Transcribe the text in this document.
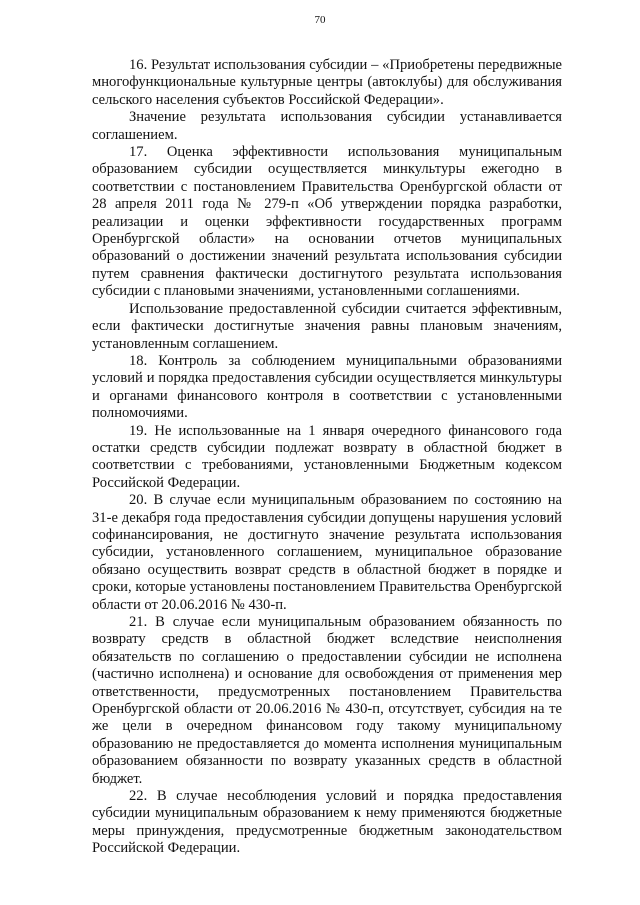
70

16. Результат использования субсидии – «Приобретены передвижные многофункциональные культурные центры (автоклубы) для обслуживания сельского населения субъектов Российской Федерации».

Значение результата использования субсидии устанавливается соглашением.

17. Оценка эффективности использования муниципальным образованием субсидии осуществляется минкультуры ежегодно в соответствии с постановлением Правительства Оренбургской области от 28 апреля 2011 года № 279-п «Об утверждении порядка разработки, реализации и оценки эффективности государственных программ Оренбургской области» на основании отчетов муниципальных образований о достижении значений результата использования субсидии путем сравнения фактически достигнутого результата использования субсидии с плановыми значениями, установленными соглашениями.

Использование предоставленной субсидии считается эффективным, если фактически достигнутые значения равны плановым значениям, установленным соглашением.

18. Контроль за соблюдением муниципальными образованиями условий и порядка предоставления субсидии осуществляется минкультуры и органами финансового контроля в соответствии с установленными полномочиями.

19. Не использованные на 1 января очередного финансового года остатки средств субсидии подлежат возврату в областной бюджет в соответствии с требованиями, установленными Бюджетным кодексом Российской Федерации.

20. В случае если муниципальным образованием по состоянию на 31-е декабря года предоставления субсидии допущены нарушения условий софинансирования, не достигнуто значение результата использования субсидии, установленного соглашением, муниципальное образование обязано осуществить возврат средств в областной бюджет в порядке и сроки, которые установлены постановлением Правительства Оренбургской области от 20.06.2016 № 430-п.

21. В случае если муниципальным образованием обязанность по возврату средств в областной бюджет вследствие неисполнения обязательств по соглашению о предоставлении субсидии не исполнена (частично исполнена) и основание для освобождения от применения мер ответственности, предусмотренных постановлением Правительства Оренбургской области от 20.06.2016 № 430-п, отсутствует, субсидия на те же цели в очередном финансовом году такому муниципальному образованию не предоставляется до момента исполнения муниципальным образованием обязанности по возврату указанных средств в областной бюджет.

22. В случае несоблюдения условий и порядка предоставления субсидии муниципальным образованием к нему применяются бюджетные меры принуждения, предусмотренные бюджетным законодательством Российской Федерации.
